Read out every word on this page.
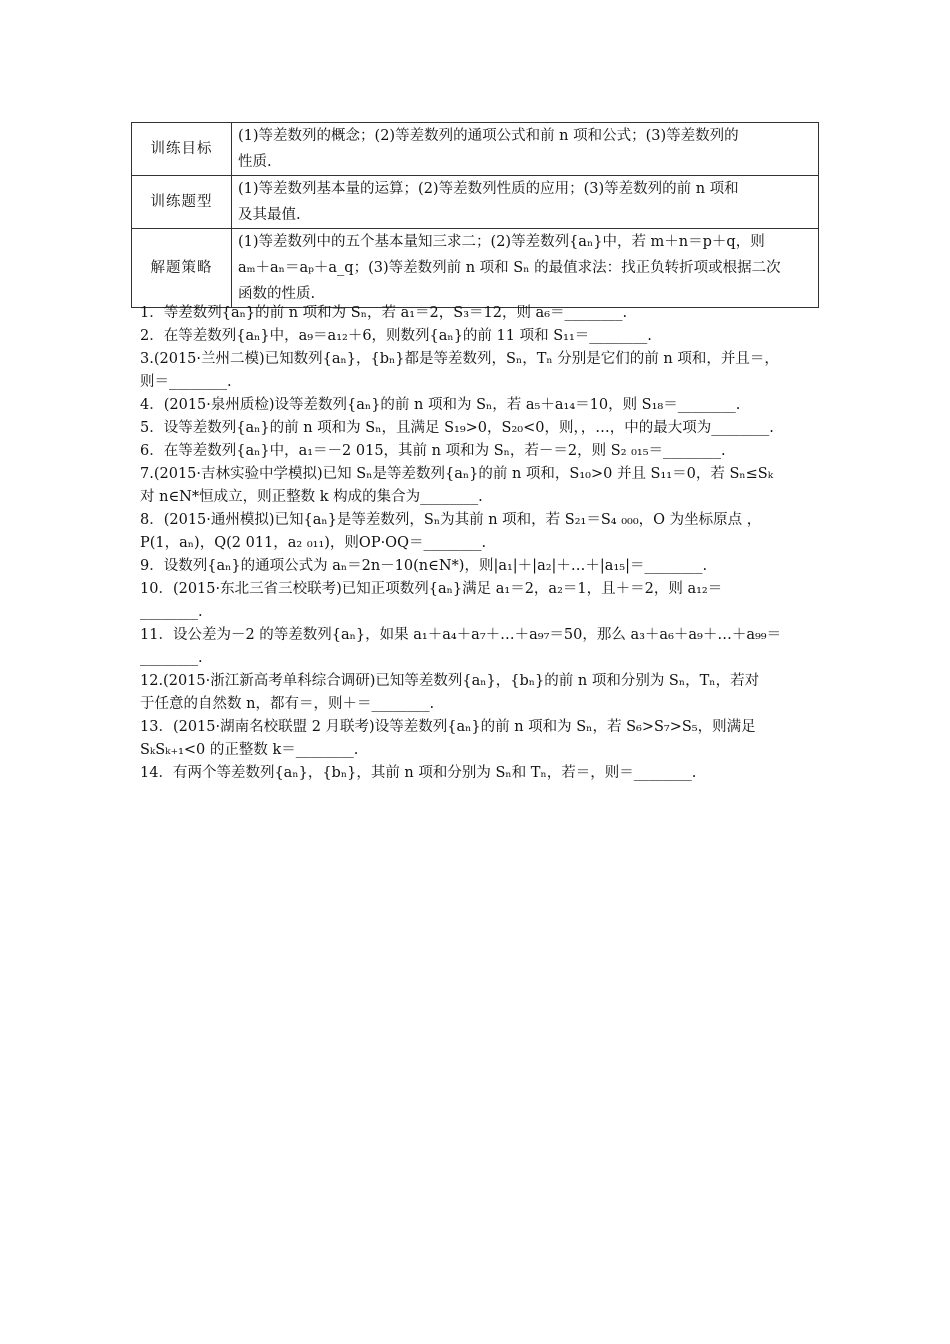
训练目标	(1)等差数列的概念；(2)等差数列的通项公式和前 n 项和公式；(3)等差数列的
性质.

训练题型	(1)等差数列基本量的运算；(2)等差数列性质的应用；(3)等差数列的前 n 项和
及其最值.

解题策略	(1)等差数列中的五个基本量知三求二；(2)等差数列{aₙ}中，若 m＋n＝p＋q，则
aₘ＋aₙ＝aₚ＋a_q；(3)等差数列前 n 项和 Sₙ 的最值求法：找正负转折项或根据二次
函数的性质.

1．等差数列{aₙ}的前 n 项和为 Sₙ，若 a₁＝2，S₃＝12，则 a₆＝________.

2．在等差数列{aₙ}中，a₉＝a₁₂＋6，则数列{aₙ}的前 11 项和 S₁₁＝________.

3.(2015·兰州二模)已知数列{aₙ}，{bₙ}都是等差数列，Sₙ，Tₙ 分别是它们的前 n 项和，并且＝，

则＝________.

4．(2015·泉州质检)设等差数列{aₙ}的前 n 项和为 Sₙ，若 a₅＋a₁₄＝10，则 S₁₈＝________.

5．设等差数列{aₙ}的前 n 项和为 Sₙ，且满足 S₁₉>0，S₂₀<0，则，，…，中的最大项为________.

6．在等差数列{aₙ}中，a₁＝－2 015，其前 n 项和为 Sₙ，若－＝2，则 S₂ ₀₁₅＝________.

7.(2015·吉林实验中学模拟)已知 Sₙ是等差数列{aₙ}的前 n 项和，S₁₀>0 并且 S₁₁＝0，若 Sₙ≤Sₖ

对 n∈N*恒成立，则正整数 k 构成的集合为________.

8．(2015·通州模拟)已知{aₙ}是等差数列，Sₙ为其前 n 项和，若 S₂₁＝S₄ ₀₀₀，O 为坐标原点 ，

P(1，aₙ)，Q(2 011，a₂ ₀₁₁)，则OP·OQ＝________.

9．设数列{aₙ}的通项公式为 aₙ＝2n－10(n∈N*)，则|a₁|＋|a₂|＋…＋|a₁₅|＝________.

10．(2015·东北三省三校联考)已知正项数列{aₙ}满足 a₁＝2，a₂＝1，且＋＝2，则 a₁₂＝

________.

11．设公差为－2 的等差数列{aₙ}，如果 a₁＋a₄＋a₇＋…＋a₉₇＝50，那么 a₃＋a₆＋a₉＋…＋a₉₉＝

________.

12.(2015·浙江新高考单科综合调研)已知等差数列{aₙ}，{bₙ}的前 n 项和分别为 Sₙ，Tₙ，若对

于任意的自然数 n，都有＝，则＋＝________.

13．(2015·湖南名校联盟 2 月联考)设等差数列{aₙ}的前 n 项和为 Sₙ，若 S₆>S₇>S₅，则满足

SₖSₖ₊₁<0 的正整数 k＝________.

14．有两个等差数列{aₙ}，{bₙ}，其前 n 项和分别为 Sₙ和 Tₙ，若＝，则＝________.
